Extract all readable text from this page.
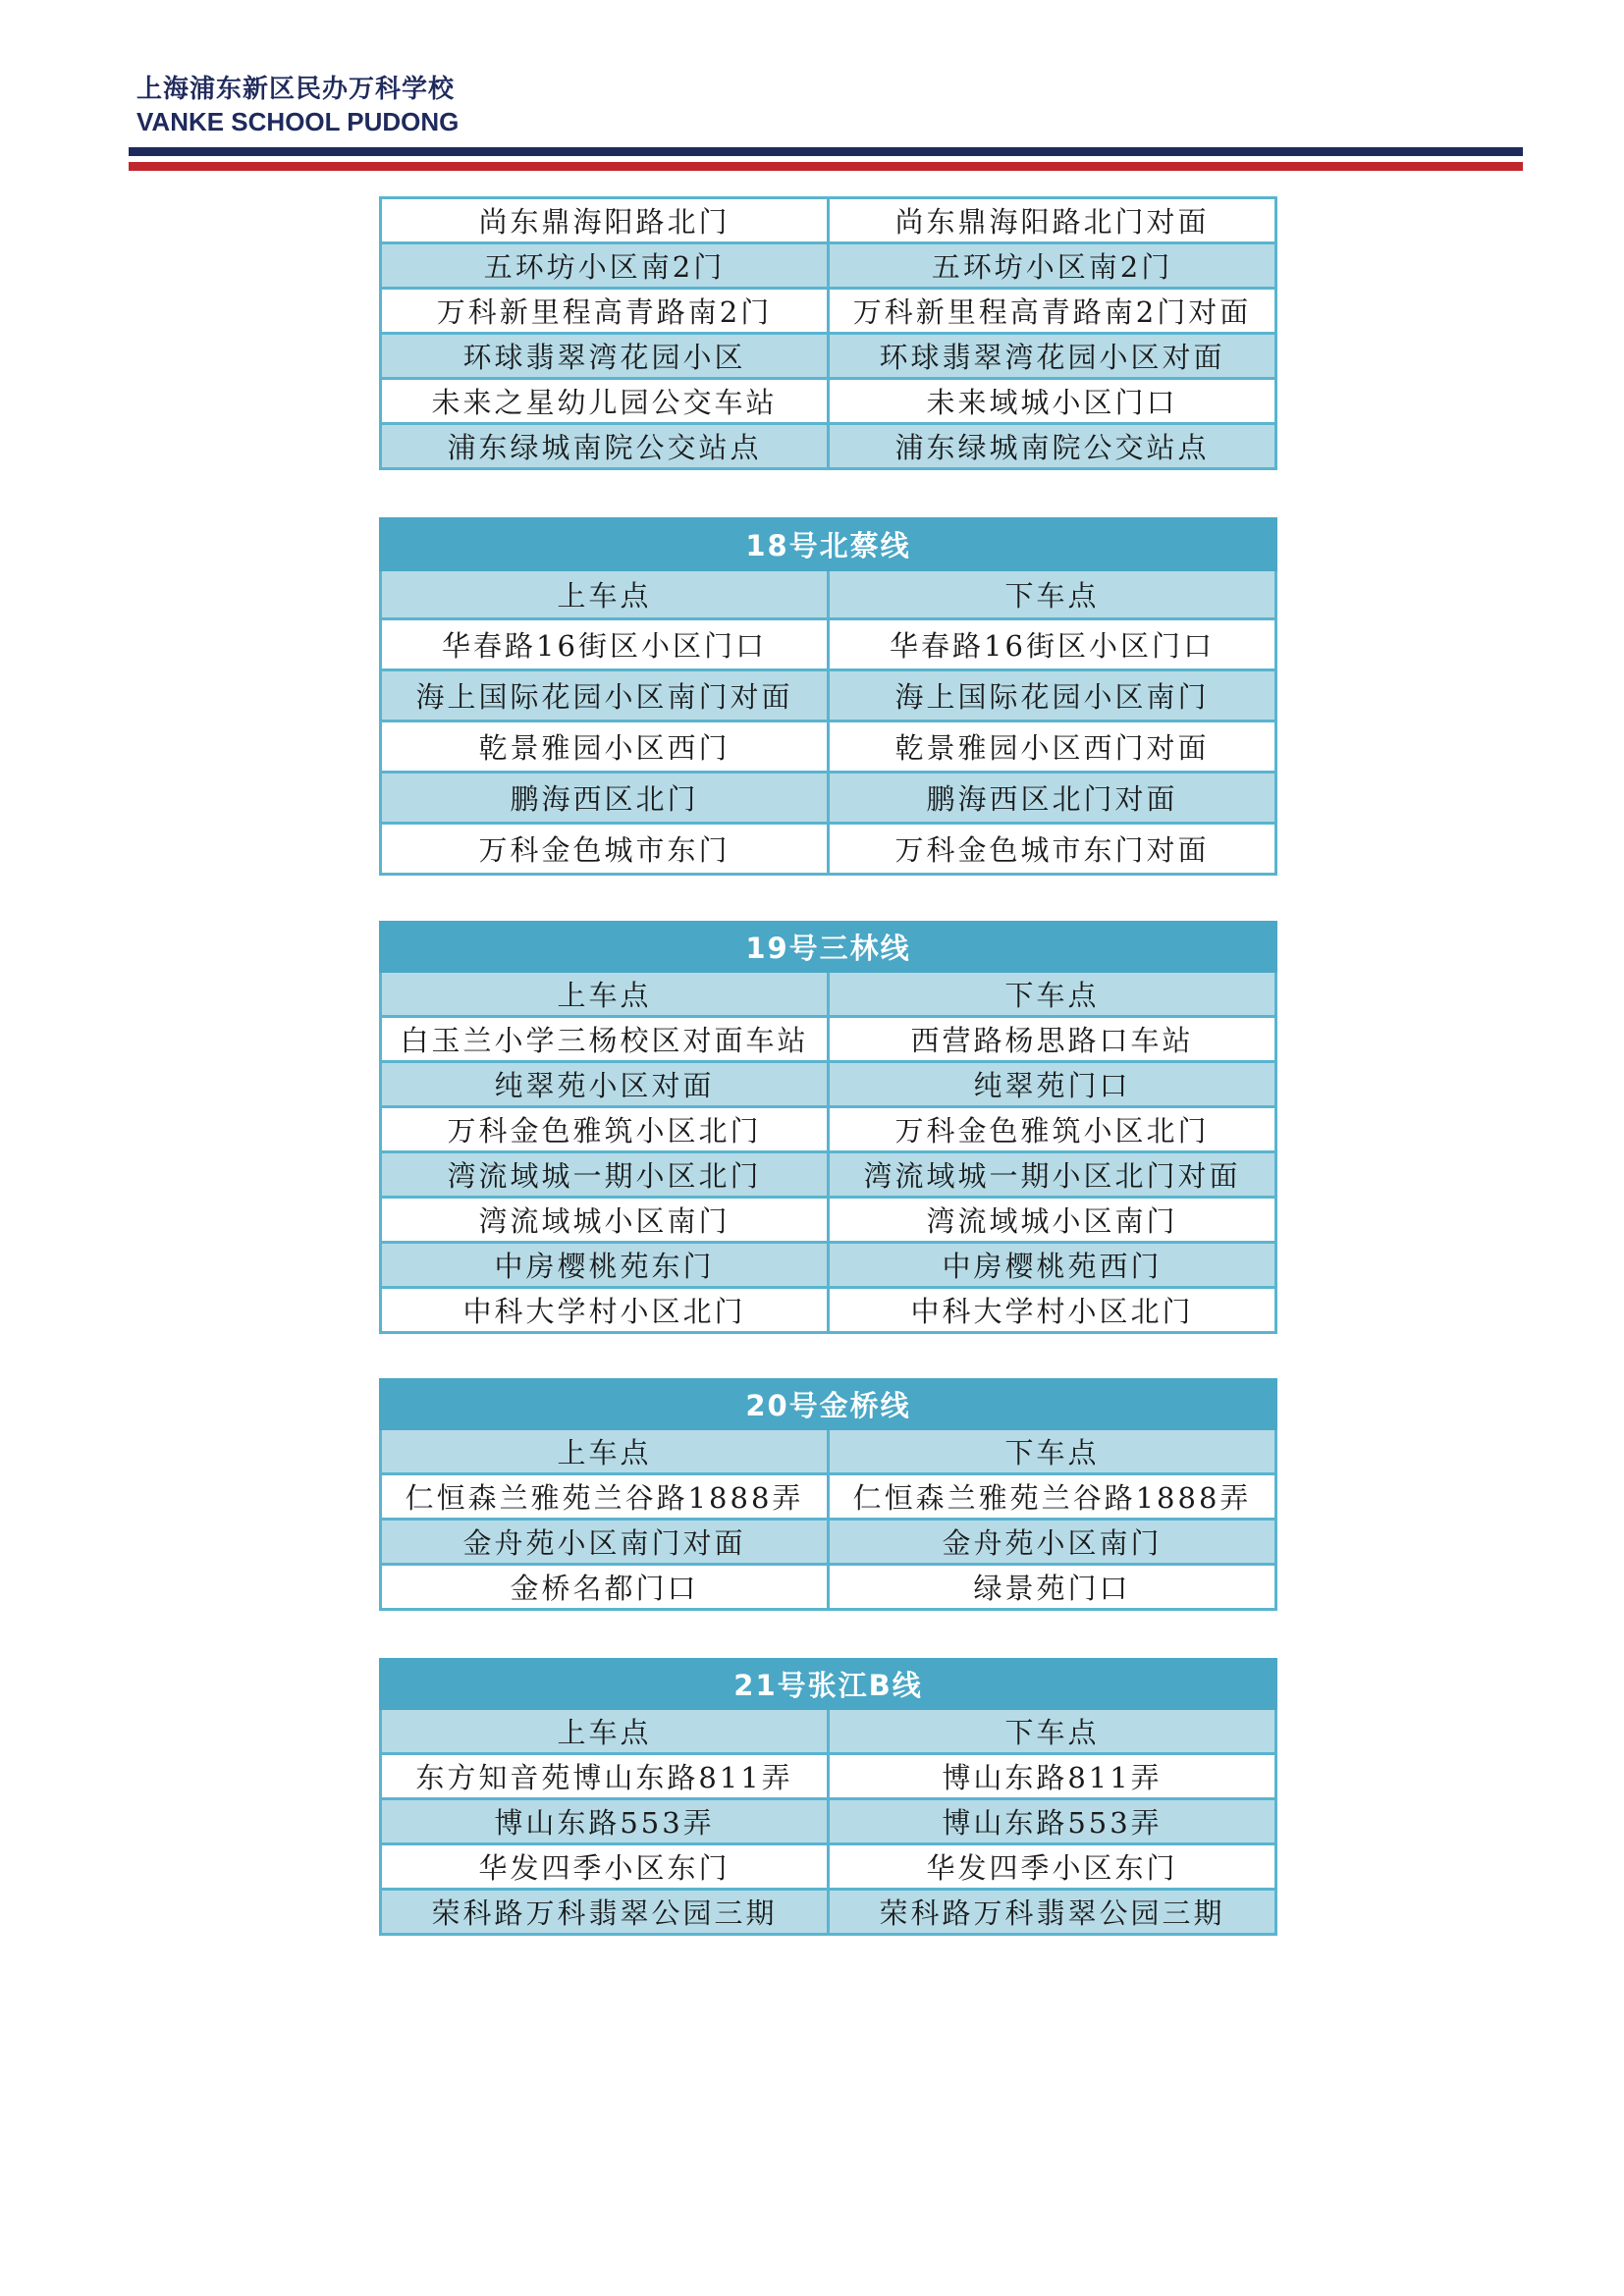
上海浦东新区民办万科学校
VANKE SCHOOL PUDONG
尚东鼎海阳路北门	尚东鼎海阳路北门对面
五环坊小区南2门	五环坊小区南2门
万科新里程高青路南2门	万科新里程高青路南2门对面
环球翡翠湾花园小区	环球翡翠湾花园小区对面
未来之星幼儿园公交车站	未来域城小区门口
浦东绿城南院公交站点	浦东绿城南院公交站点
18号北蔡线	
上车点	下车点
华春路16街区小区门口	华春路16街区小区门口
海上国际花园小区南门对面	海上国际花园小区南门
乾景雅园小区西门	乾景雅园小区西门对面
鹏海西区北门	鹏海西区北门对面
万科金色城市东门	万科金色城市东门对面
19号三林线	
上车点	下车点
白玉兰小学三杨校区对面车站	西营路杨思路口车站
纯翠苑小区对面	纯翠苑门口
万科金色雅筑小区北门	万科金色雅筑小区北门
湾流域城一期小区北门	湾流域城一期小区北门对面
湾流域城小区南门	湾流域城小区南门
中房樱桃苑东门	中房樱桃苑西门
中科大学村小区北门	中科大学村小区北门
20号金桥线	
上车点	下车点
仁恒森兰雅苑兰谷路1888弄	仁恒森兰雅苑兰谷路1888弄
金舟苑小区南门对面	金舟苑小区南门
金桥名都门口	绿景苑门口
21号张江B线	
上车点	下车点
东方知音苑博山东路811弄	博山东路811弄
博山东路553弄	博山东路553弄
华发四季小区东门	华发四季小区东门
荣科路万科翡翠公园三期	荣科路万科翡翠公园三期
